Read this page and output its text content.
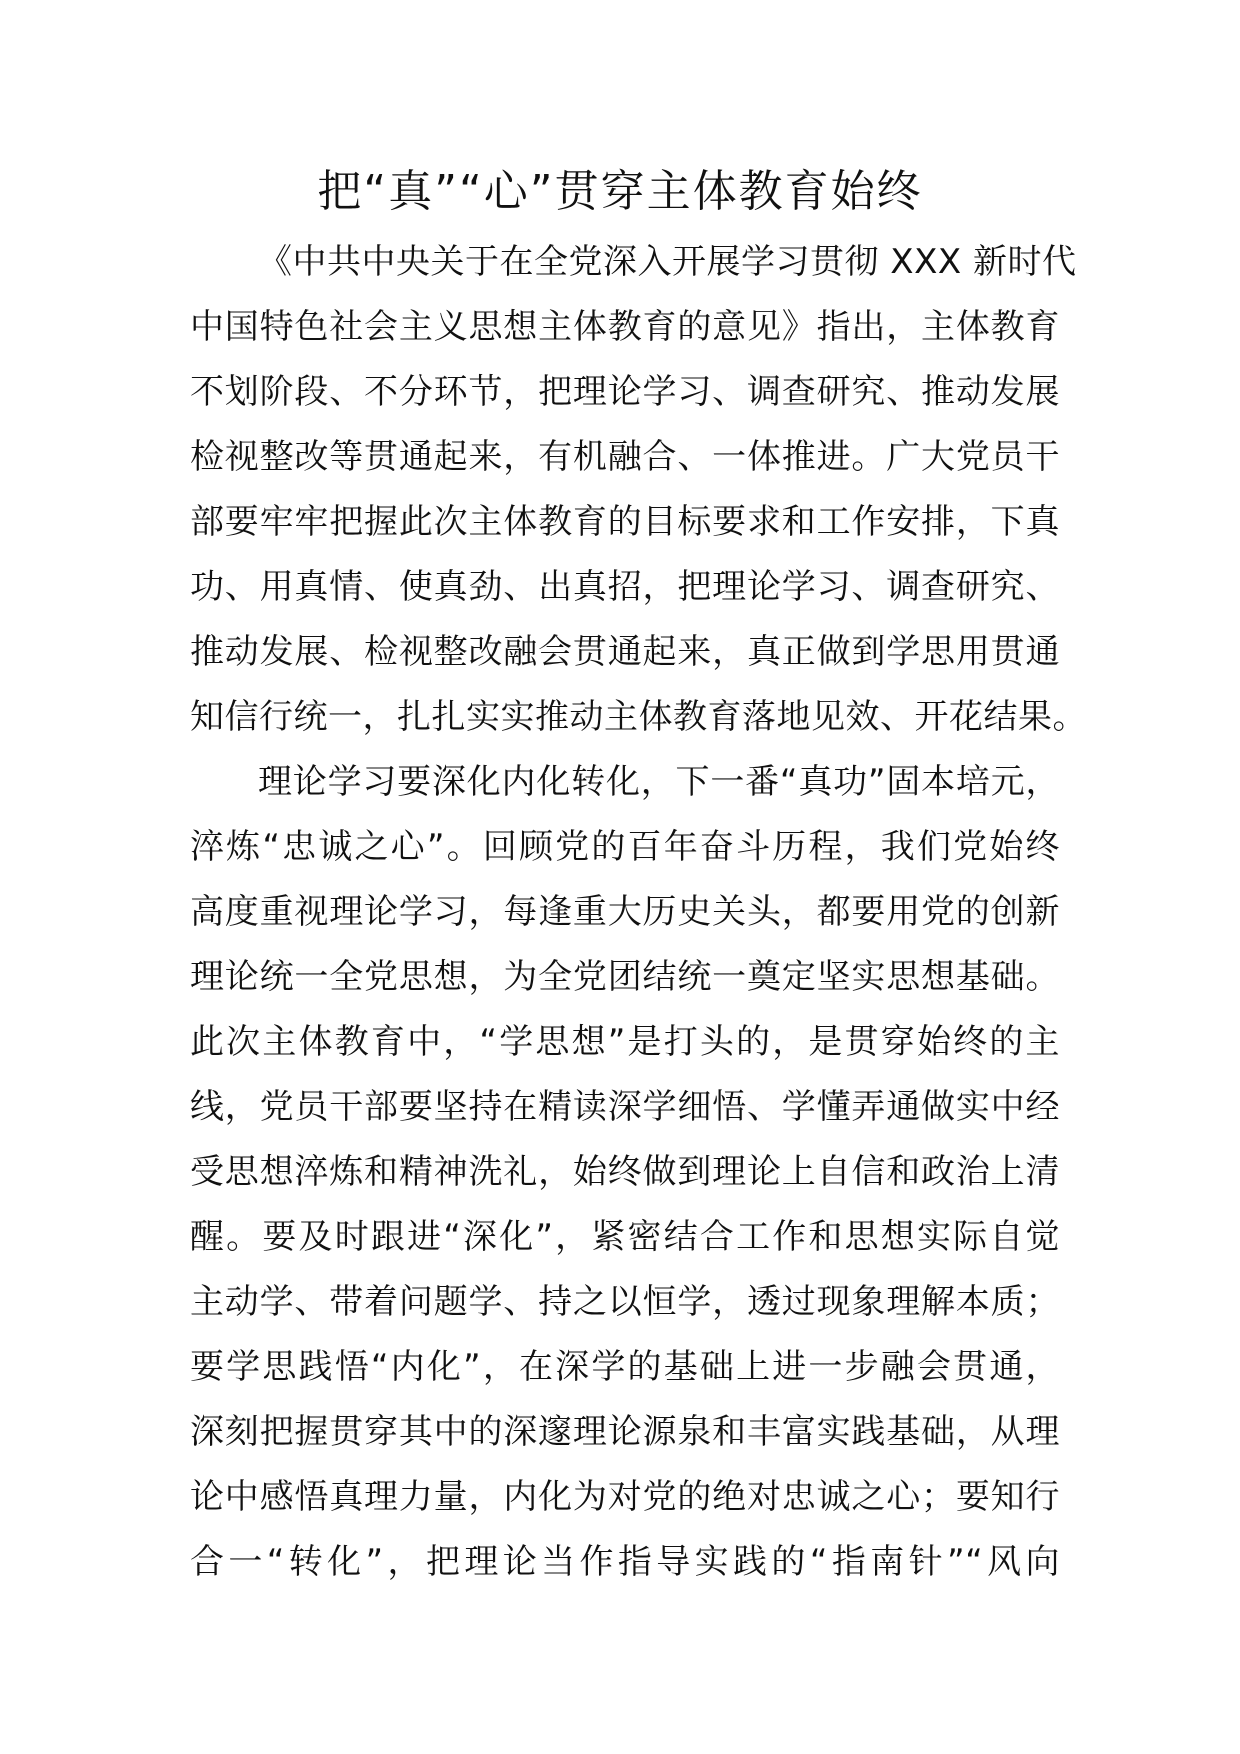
把“真”“心”贯穿主体教育始终
《中共中央关于在全党深入开展学习贯彻 XXX 新时代
中国特色社会主义思想主体教育的意见》指出，主体教育
不划阶段、不分环节，把理论学习、调查研究、推动发展
检视整改等贯通起来，有机融合、一体推进。广大党员干
部要牢牢把握此次主体教育的目标要求和工作安排，下真
功、用真情、使真劲、出真招，把理论学习、调查研究、
推动发展、检视整改融会贯通起来，真正做到学思用贯通
知信行统一，扎扎实实推动主体教育落地见效、开花结果。
理论学习要深化内化转化，下一番“真功”固本培元，
淬炼“忠诚之心”。回顾党的百年奋斗历程，我们党始终
高度重视理论学习，每逢重大历史关头，都要用党的创新
理论统一全党思想，为全党团结统一奠定坚实思想基础。
此次主体教育中，“学思想”是打头的，是贯穿始终的主
线，党员干部要坚持在精读深学细悟、学懂弄通做实中经
受思想淬炼和精神洗礼，始终做到理论上自信和政治上清
醒。要及时跟进“深化”，紧密结合工作和思想实际自觉
主动学、带着问题学、持之以恒学，透过现象理解本质；
要学思践悟“内化”，在深学的基础上进一步融会贯通，
深刻把握贯穿其中的深邃理论源泉和丰富实践基础，从理
论中感悟真理力量，内化为对党的绝对忠诚之心；要知行
合一“转化”，把理论当作指导实践的“指南针”“风向
